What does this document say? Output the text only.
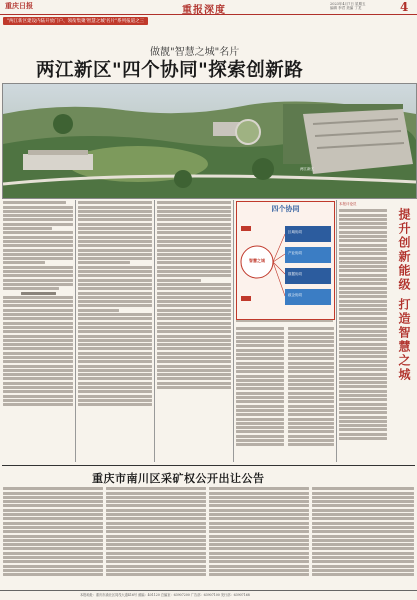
重庆日报	重报深度
2023年4月7日 星期五
编辑 李君 美编 丁龙	4
"两江新区建设内陆开放门户、领衔集聚'智慧之城'名片"系列报道之三
做靓"智慧之城"名片
两江新区"四个协同"探索创新路
两江新区
四个协同
智慧之城
区域协同
产业协同
数据协同
政企协同
本报评论员
提升创新能级 打造智慧之城
重庆市南川区采矿权公开出让公告
本报地址：重庆市渝北区同茂大道416号 邮编：401120 总编室：63907200 广告部：63907100 发行部：63907168
